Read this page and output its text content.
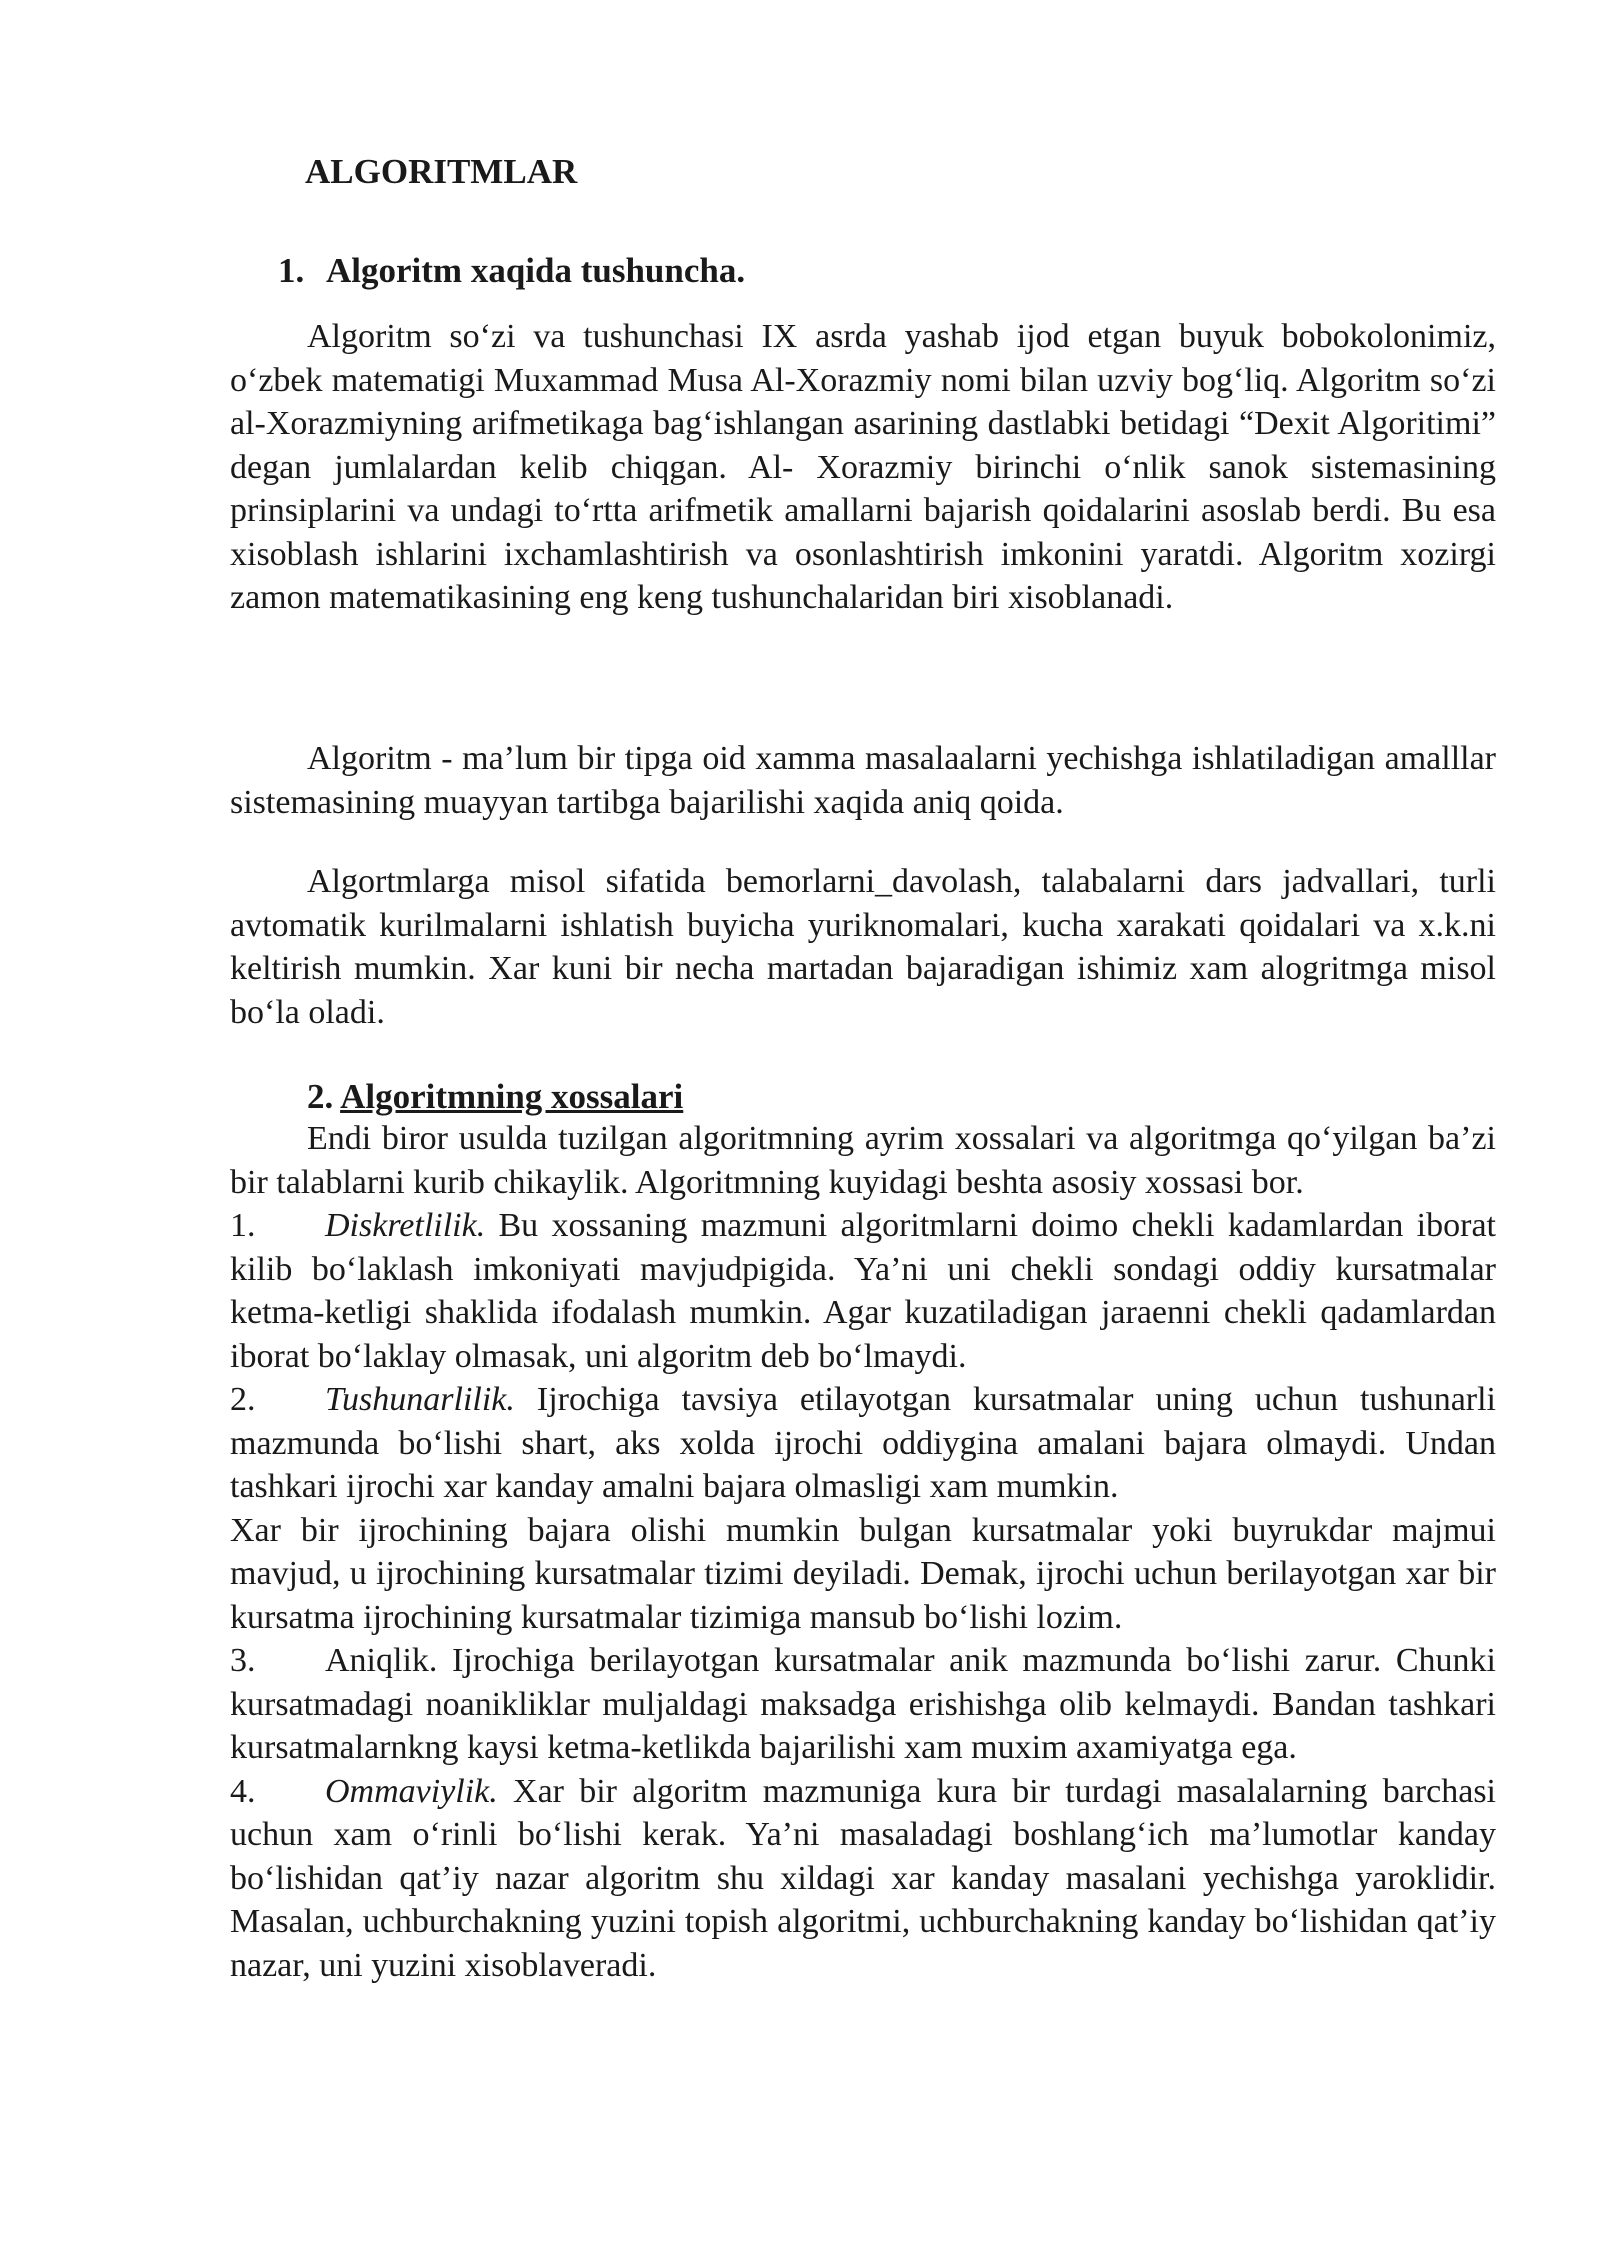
ALGORITMLAR
1. Algoritm xaqida tushuncha.

Algoritm so‘zi va tushunchasi IX asrda yashab ijod etgan buyuk bobokolonimiz, o‘zbek matematigi Muxammad Musa Al-Xorazmiy nomi bilan uzviy bog‘liq. Algoritm so‘zi al-Xorazmiyning arifmetikaga bag‘ishlangan asarining dastlabki betidagi “Dexit Algoritimi” degan jumlalardan kelib chiqgan. Al- Xorazmiy birinchi o‘nlik sanok sistemasining prinsiplarini va undagi to‘rtta arifmetik amallarni bajarish qoidalarini asoslab berdi. Bu esa xisoblash ishlarini ixchamlashtirish va osonlashtirish imkonini yaratdi. Algoritm xozirgi zamon matematikasining eng keng tushunchalaridan biri xisoblanadi.

Algoritm - ma’lum bir tipga oid xamma masalaalarni yechishga ishlatiladigan amalllar sistemasining muayyan tartibga bajarilishi xaqida aniq qoida.

Algortmlarga misol sifatida bemorlarni_davolash, talabalarni dars jadvallari, turli avtomatik kurilmalarni ishlatish buyicha yuriknomalari, kucha xarakati qoidalari va x.k.ni keltirish mumkin. Xar kuni bir necha martadan bajaradigan ishimiz xam alogritmga misol bo‘la oladi.

2. Algoritmning xossalari

Endi biror usulda tuzilgan algoritmning ayrim xossalari va algoritmga qo‘yilgan ba’zi bir talablarni kurib chikaylik. Algoritmning kuyidagi beshta asosiy xossasi bor.

1. Diskretlilik. Bu xossaning mazmuni algoritmlarni doimo chekli kadamlardan iborat kilib bo‘laklash imkoniyati mavjudpigida. Ya’ni uni chekli sondagi oddiy kursatmalar ketma-ketligi shaklida ifodalash mumkin. Agar kuzatiladigan jaraenni chekli qadamlardan iborat bo‘laklay olmasak, uni algoritm deb bo‘lmaydi.

2. Tushunarlilik. Ijrochiga tavsiya etilayotgan kursatmalar uning uchun tushunarli mazmunda bo‘lishi shart, aks xolda ijrochi oddiygina amalani bajara olmaydi. Undan tashkari ijrochi xar kanday amalni bajara olmasligi xam mumkin.

Xar bir ijrochining bajara olishi mumkin bulgan kursatmalar yoki buyrukdar majmui mavjud, u ijrochining kursatmalar tizimi deyiladi. Demak, ijrochi uchun berilayotgan xar bir kursatma ijrochining kursatmalar tizimiga mansub bo‘lishi lozim.

3. Aniqlik. Ijrochiga berilayotgan kursatmalar anik mazmunda bo‘lishi zarur. Chunki kursatmadagi noanikliklar muljaldagi maksadga erishishga olib kelmaydi. Bandan tashkari kursatmalarnkng kaysi ketma-ketlikda bajarilishi xam muxim axamiyatga ega.

4. Ommaviylik. Xar bir algoritm mazmuniga kura bir turdagi masalalarning barchasi uchun xam o‘rinli bo‘lishi kerak. Ya’ni masaladagi boshlang‘ich ma’lumotlar kanday bo‘lishidan qat’iy nazar algoritm shu xildagi xar kanday masalani yechishga yaroklidir. Masalan, uchburchakning yuzini topish algoritmi, uchburchakning kanday bo‘lishidan qat’iy nazar, uni yuzini xisoblaveradi.
